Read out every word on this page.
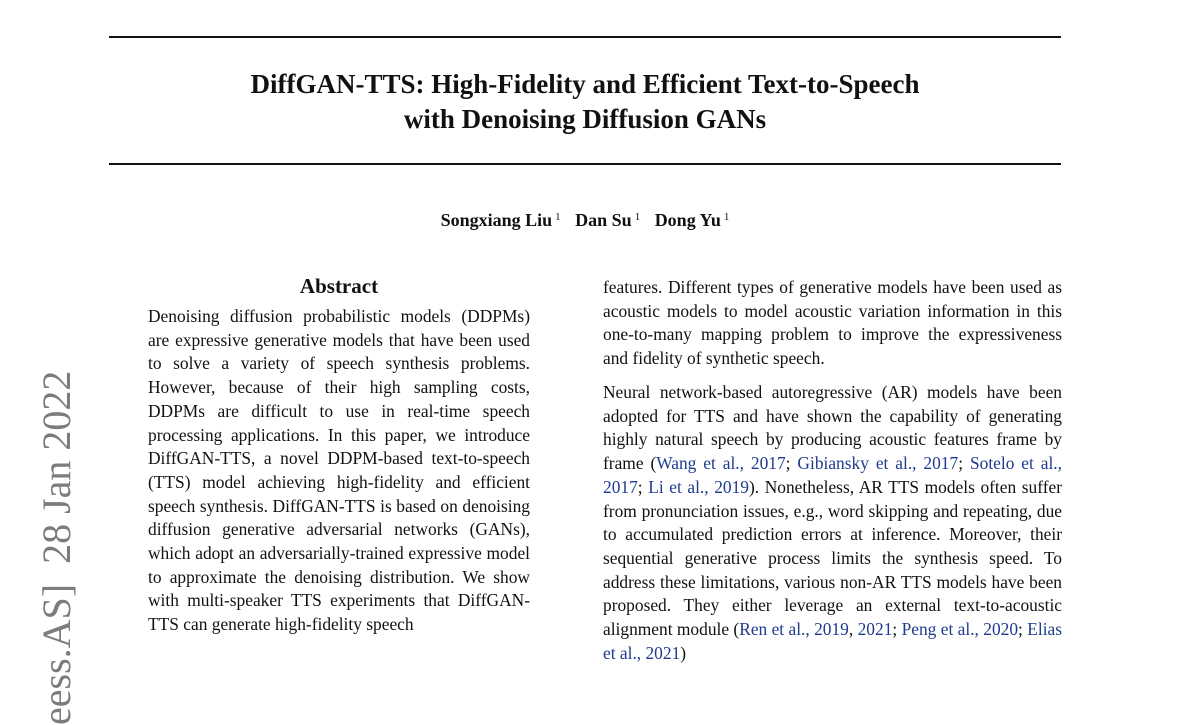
DiffGAN-TTS: High-Fidelity and Efficient Text-to-Speech
with Denoising Diffusion GANs
Songxiang Liu $^1$ Dan Su $^1$ Dong Yu $^1$
eess.AS]  28 Jan 2022
Abstract

Denoising diffusion probabilistic models (DDPMs) are expressive generative models that have been used to solve a variety of speech synthesis problems. However, because of their high sampling costs, DDPMs are difficult to use in real-time speech processing applications. In this paper, we introduce DiffGAN-TTS, a novel DDPM-based text-to-speech (TTS) model achieving high-fidelity and efficient speech synthesis. DiffGAN-TTS is based on denoising diffusion generative adversarial networks (GANs), which adopt an adversarially-trained expressive model to approximate the denoising distribution. We show with multi-speaker TTS experiments that DiffGAN-TTS can generate high-fidelity speech

features. Different types of generative models have been used as acoustic models to model acoustic variation information in this one-to-many mapping problem to improve the expressiveness and fidelity of synthetic speech.

Neural network-based autoregressive (AR) models have been adopted for TTS and have shown the capability of generating highly natural speech by producing acoustic features frame by frame (Wang et al., 2017; Gibiansky et al., 2017; Sotelo et al., 2017; Li et al., 2019). Nonetheless, AR TTS models often suffer from pronunciation issues, e.g., word skipping and repeating, due to accumulated prediction errors at inference. Moreover, their sequential generative process limits the synthesis speed. To address these limitations, various non-AR TTS models have been proposed. They either leverage an external text-to-acoustic alignment module (Ren et al., 2019, 2021; Peng et al., 2020; Elias et al., 2021)
